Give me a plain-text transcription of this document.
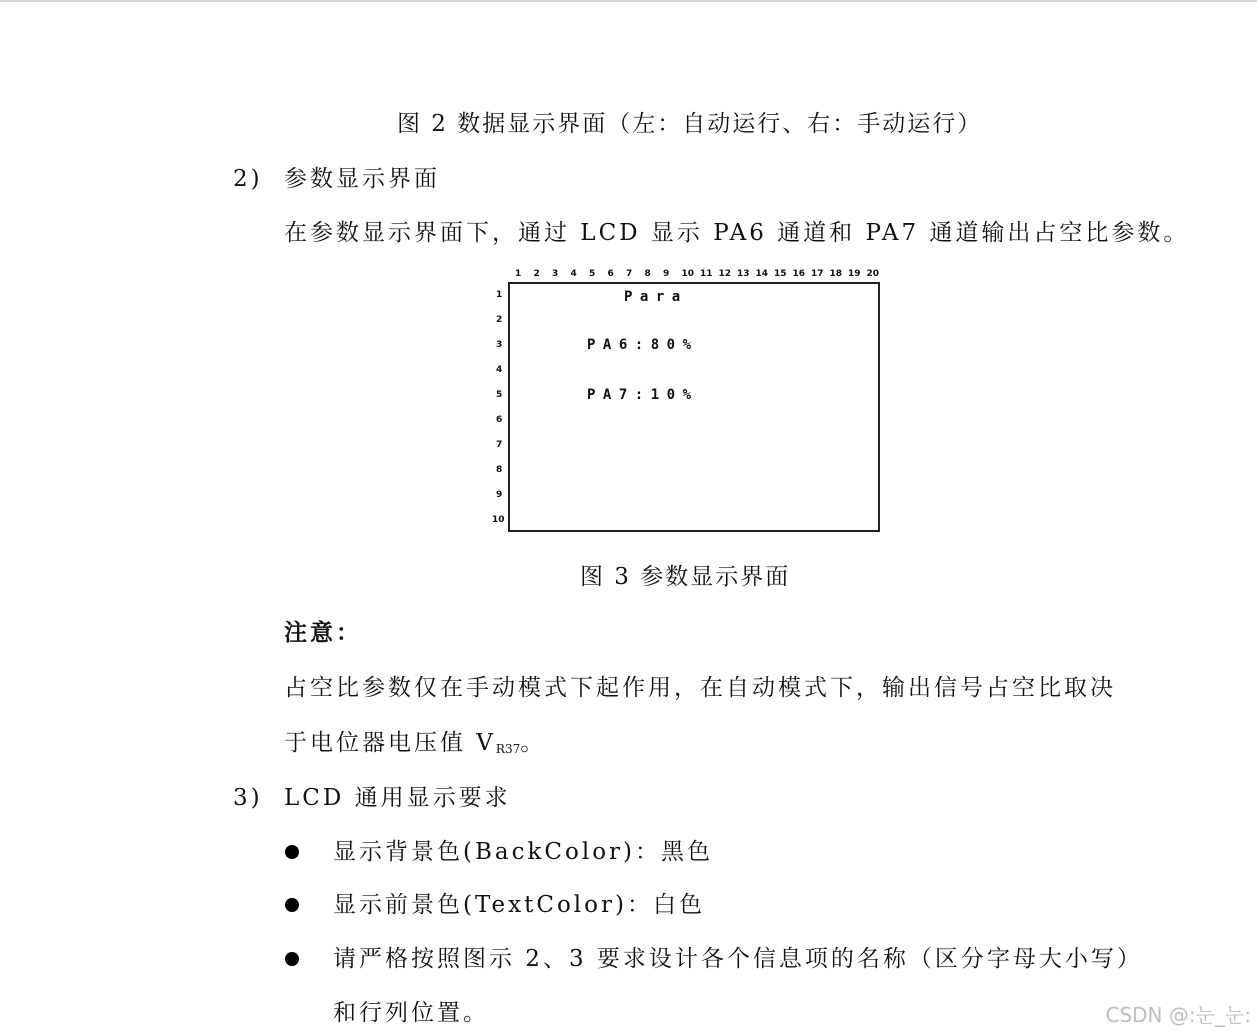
图 2 数据显示界面（左：自动运行、右：手动运行）
2) 参数显示界面
在参数显示界面下，通过 LCD 显示 PA6 通道和 PA7 通道输出占空比参数。
1 2 3 4 5 6 7 8 9 10 11 12 13 14 15 16 17 18 19 20
1
2
3
4
5
6
7
8
9
10
Para
PA6:80%
PA7:10%
图 3 参数显示界面
注意：
占空比参数仅在手动模式下起作用，在自动模式下，输出信号占空比取决
于电位器电压值 $V_{R37}$。
3) LCD 通用显示要求
显示背景色(BackColor)：黑色
显示前景色(TextColor)：白色
请严格按照图示 2、3 要求设计各个信息项的名称（区分字母大小写）
和行列位置。	CSDN @:눈_눈:
